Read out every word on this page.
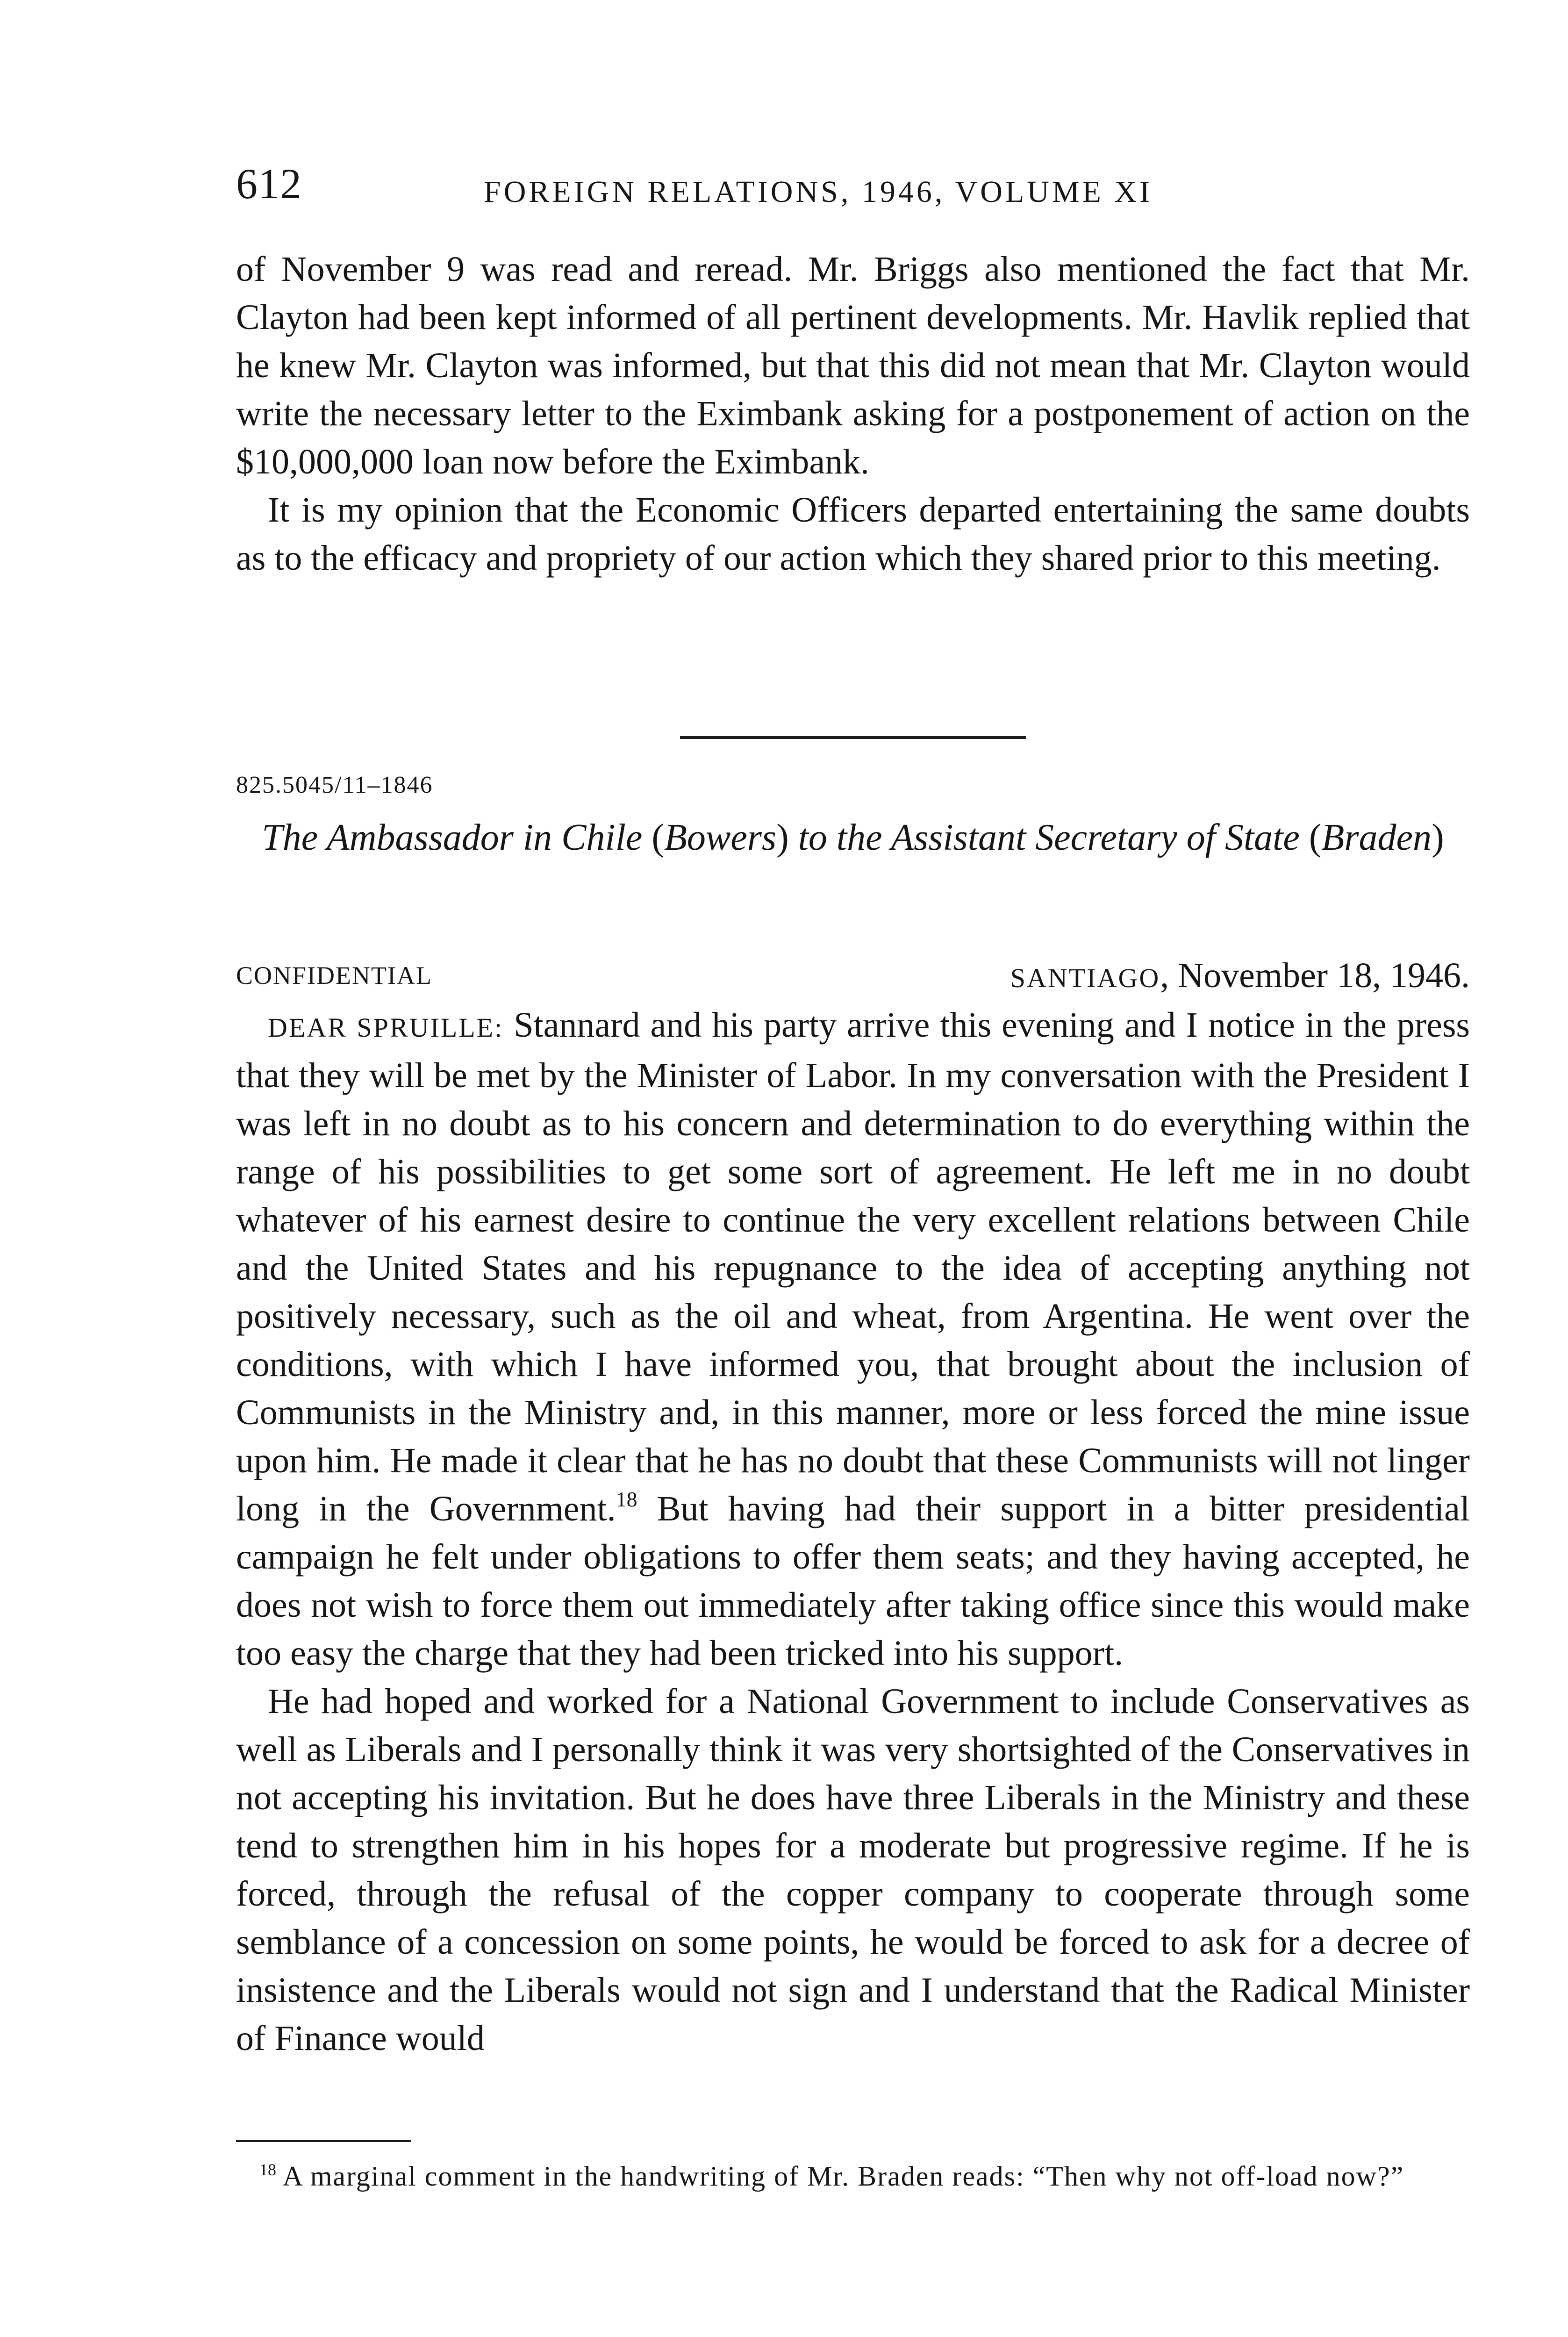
612	FOREIGN RELATIONS, 1946, VOLUME XI

of November 9 was read and reread. Mr. Briggs also mentioned the fact that Mr. Clayton had been kept informed of all pertinent developments. Mr. Havlik replied that he knew Mr. Clayton was informed, but that this did not mean that Mr. Clayton would write the necessary letter to the Eximbank asking for a postponement of action on the $10,000,000 loan now before the Eximbank.

It is my opinion that the Economic Officers departed entertaining the same doubts as to the efficacy and propriety of our action which they shared prior to this meeting.

825.5045/11–1846
The Ambassador in Chile (Bowers) to the Assistant Secretary of State (Braden)
CONFIDENTIAL	SANTIAGO, November 18, 1946.

DEAR SPRUILLE: Stannard and his party arrive this evening and I notice in the press that they will be met by the Minister of Labor. In my conversation with the President I was left in no doubt as to his concern and determination to do everything within the range of his possibilities to get some sort of agreement. He left me in no doubt whatever of his earnest desire to continue the very excellent relations between Chile and the United States and his repugnance to the idea of accepting anything not positively necessary, such as the oil and wheat, from Argentina. He went over the conditions, with which I have informed you, that brought about the inclusion of Communists in the Ministry and, in this manner, more or less forced the mine issue upon him. He made it clear that he has no doubt that these Communists will not linger long in the Government.$^{18}$ But having had their support in a bitter presidential campaign he felt under obligations to offer them seats; and they having accepted, he does not wish to force them out immediately after taking office since this would make too easy the charge that they had been tricked into his support.

He had hoped and worked for a National Government to include Conservatives as well as Liberals and I personally think it was very shortsighted of the Conservatives in not accepting his invitation. But he does have three Liberals in the Ministry and these tend to strengthen him in his hopes for a moderate but progressive regime. If he is forced, through the refusal of the copper company to cooperate through some semblance of a concession on some points, he would be forced to ask for a decree of insistence and the Liberals would not sign and I understand that the Radical Minister of Finance would

$^{18}$ A marginal comment in the handwriting of Mr. Braden reads: “Then why not off-load now?”
